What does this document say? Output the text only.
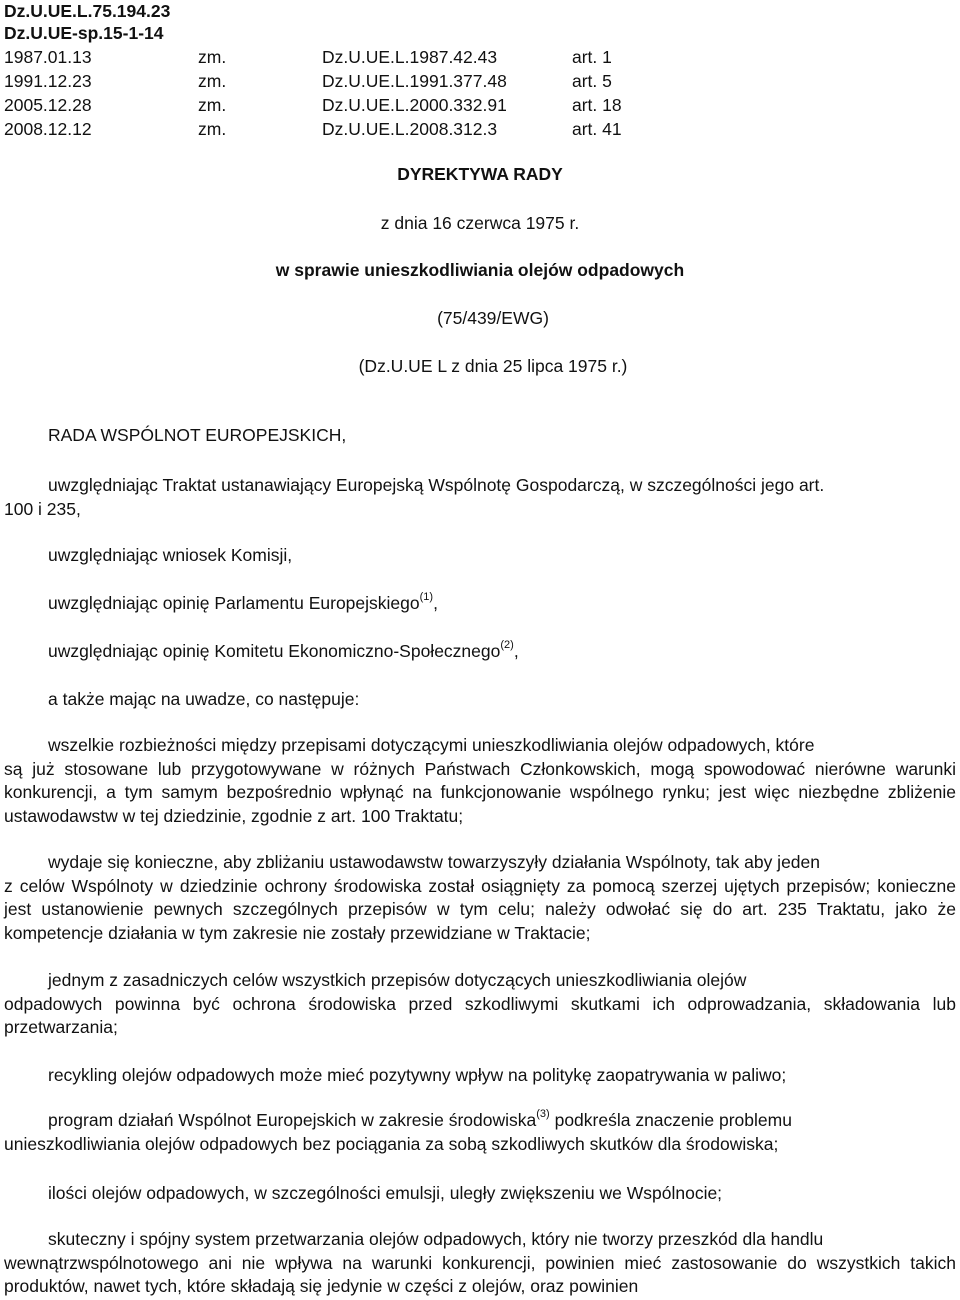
Dz.U.UE.L.75.194.23
Dz.U.UE-sp.15-1-14
1987.01.13	zm.	Dz.U.UE.L.1987.42.43	art. 1
1991.12.23	zm.	Dz.U.UE.L.1991.377.48	art. 5
2005.12.28	zm.	Dz.U.UE.L.2000.332.91	art. 18
2008.12.12	zm.	Dz.U.UE.L.2008.312.3	art. 41
DYREKTYWA RADY
z dnia 16 czerwca 1975 r.
w sprawie unieszkodliwiania olejów odpadowych
(75/439/EWG)
(Dz.U.UE L z dnia 25 lipca 1975 r.)
RADA WSPÓLNOT EUROPEJSKICH,
uwzględniając Traktat ustanawiający Europejską Wspólnotę Gospodarczą, w szczególności jego art.
100 i 235,
uwzględniając wniosek Komisji,
uwzględniając opinię Parlamentu Europejskiego$^{(1)}$,
uwzględniając opinię Komitetu Ekonomiczno-Społecznego$^{(2)}$,
a także mając na uwadze, co następuje:
wszelkie rozbieżności między przepisami dotyczącymi unieszkodliwiania olejów odpadowych, które
są już stosowane lub przygotowywane w różnych Państwach Członkowskich, mogą spowodować nierówne warunki konkurencji, a tym samym bezpośrednio wpłynąć na funkcjonowanie wspólnego rynku; jest więc niezbędne zbliżenie ustawodawstw w tej dziedzinie, zgodnie z art. 100 Traktatu;
wydaje się konieczne, aby zbliżaniu ustawodawstw towarzyszyły działania Wspólnoty, tak aby jeden
z celów Wspólnoty w dziedzinie ochrony środowiska został osiągnięty za pomocą szerzej ujętych przepisów; konieczne jest ustanowienie pewnych szczególnych przepisów w tym celu; należy odwołać się do art. 235 Traktatu, jako że kompetencje działania w tym zakresie nie zostały przewidziane w Traktacie;
jednym z zasadniczych celów wszystkich przepisów dotyczących unieszkodliwiania olejów
odpadowych powinna być ochrona środowiska przed szkodliwymi skutkami ich odprowadzania, składowania lub przetwarzania;
recykling olejów odpadowych może mieć pozytywny wpływ na politykę zaopatrywania w paliwo;
program działań Wspólnot Europejskich w zakresie środowiska$^{(3)}$ podkreśla znaczenie problemu
unieszkodliwiania olejów odpadowych bez pociągania za sobą szkodliwych skutków dla środowiska;
ilości olejów odpadowych, w szczególności emulsji, uległy zwiększeniu we Wspólnocie;
skuteczny i spójny system przetwarzania olejów odpadowych, który nie tworzy przeszkód dla handlu
wewnątrzwspólnotowego ani nie wpływa na warunki konkurencji, powinien mieć zastosowanie do wszystkich takich produktów, nawet tych, które składają się jedynie w części z olejów, oraz powinien
